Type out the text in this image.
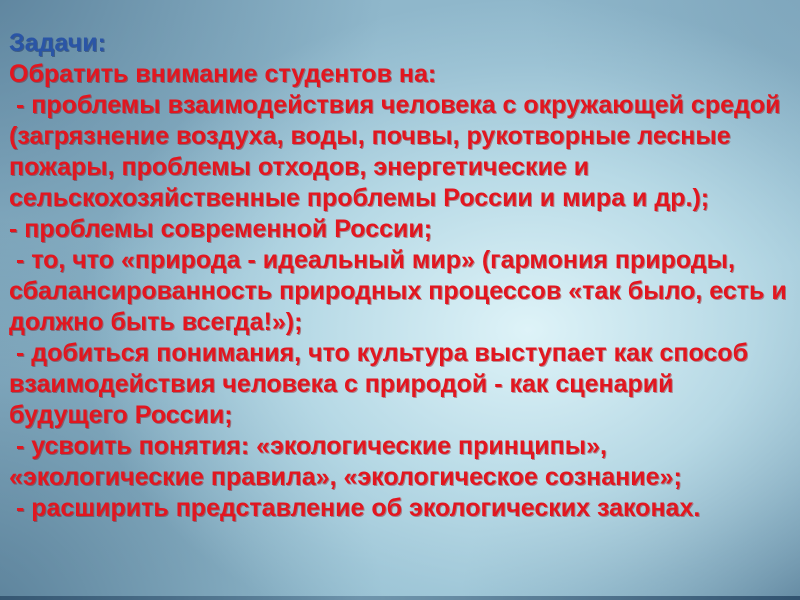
Задачи:
Обратить внимание студентов на:
- проблемы взаимодействия человека с окружающей средой
(загрязнение воздуха, воды, почвы, рукотворные лесные
пожары, проблемы отходов, энергетические и
сельскохозяйственные проблемы России и мира и др.);
- проблемы современной России;
- то, что «природа - идеальный мир» (гармония природы,
сбалансированность природных процессов «так было, есть и
должно быть всегда!»);
- добиться понимания, что культура выступает как способ
взаимодействия человека с природой - как сценарий
будущего России;
- усвоить понятия: «экологические принципы»,
«экологические правила», «экологическое сознание»;
- расширить представление об экологических законах.
